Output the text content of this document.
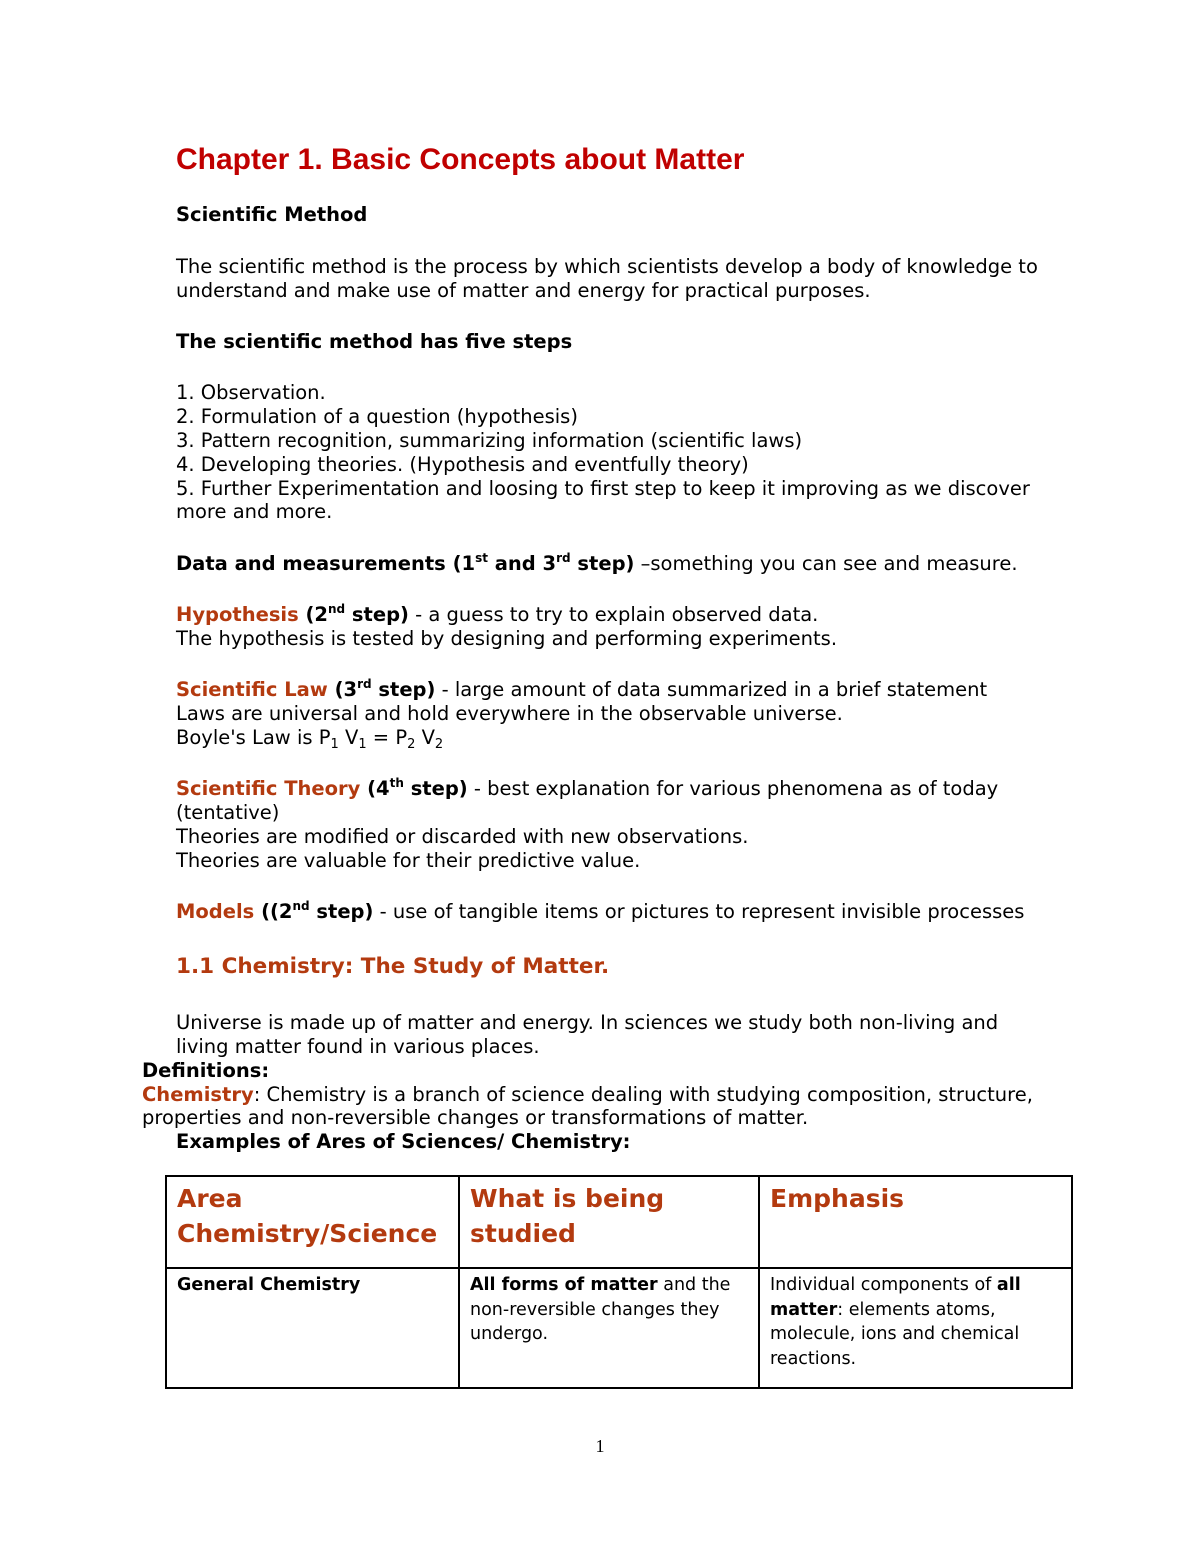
Chapter 1. Basic Concepts about Matter
Scientific Method
The scientific method is the process by which scientists develop a body of knowledge to
understand and make use of matter and energy for practical purposes.
The scientific method has five steps
1. Observation.
2. Formulation of a question (hypothesis)
3. Pattern recognition, summarizing information (scientific laws)
4. Developing theories. (Hypothesis and eventfully theory)
5. Further Experimentation and loosing to first step to keep it improving as we discover
more and more.
Data and measurements (1st and 3rd step) –something you can see and measure.
Hypothesis (2nd step) - a guess to try to explain observed data.
The hypothesis is tested by designing and performing experiments.
Scientific Law (3rd step) - large amount of data summarized in a brief statement
Laws are universal and hold everywhere in the observable universe.
Boyle's Law is $P_1$ $V_1 = P_2$ $V_2$
Scientific Theory (4th step) - best explanation for various phenomena as of today
(tentative)
Theories are modified or discarded with new observations.
Theories are valuable for their predictive value.
Models ((2nd step) - use of tangible items or pictures to represent invisible processes
1.1 Chemistry: The Study of Matter.
Universe is made up of matter and energy. In sciences we study both non-living and
living matter found in various places.
Definitions:
Chemistry: Chemistry is a branch of science dealing with studying composition, structure,
properties and non-reversible changes or transformations of matter.
Examples of Ares of Sciences/ Chemistry:
Area Chemistry/Science	What is being studied	Emphasis

General Chemistry	All forms of matter and the non-reversible changes they undergo.	Individual components of all matter: elements atoms, molecule, ions and chemical reactions.
1
